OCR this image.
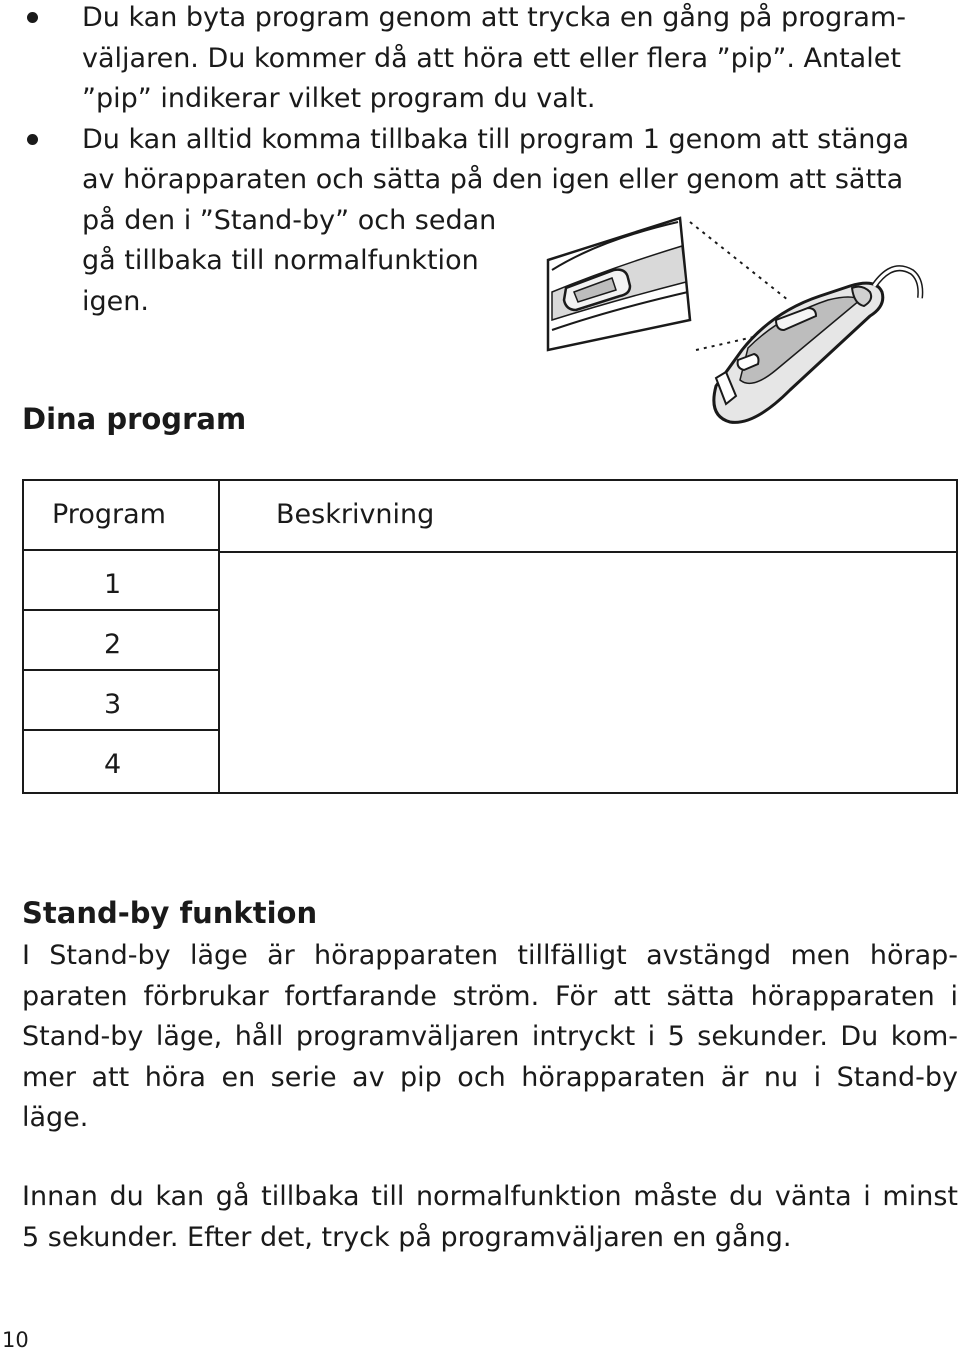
Du kan byta program genom att trycka en gång på program-
väljaren. Du kommer då att höra ett eller flera ”pip”. Antalet
”pip” indikerar vilket program du valt.
Du kan alltid komma tillbaka till program 1 genom att stänga
av hörapparaten och sätta på den igen eller genom att sätta
på den i ”Stand-by” och sedan
gå tillbaka till normalfunktion
igen.
Dina program
Program
1
2
3
4
Beskrivning
Stand-by funktion

I Stand-by läge är hörapparaten tillfälligt avstängd men hörap-
paraten förbrukar fortfarande ström. För att sätta hörapparaten i
Stand-by läge, håll programväljaren intryckt i 5 sekunder. Du kom-
mer att höra en serie av pip och hörapparaten är nu i Stand-by
läge.

Innan du kan gå tillbaka till normalfunktion måste du vänta i minst
5 sekunder. Efter det, tryck på programväljaren en gång.

10
